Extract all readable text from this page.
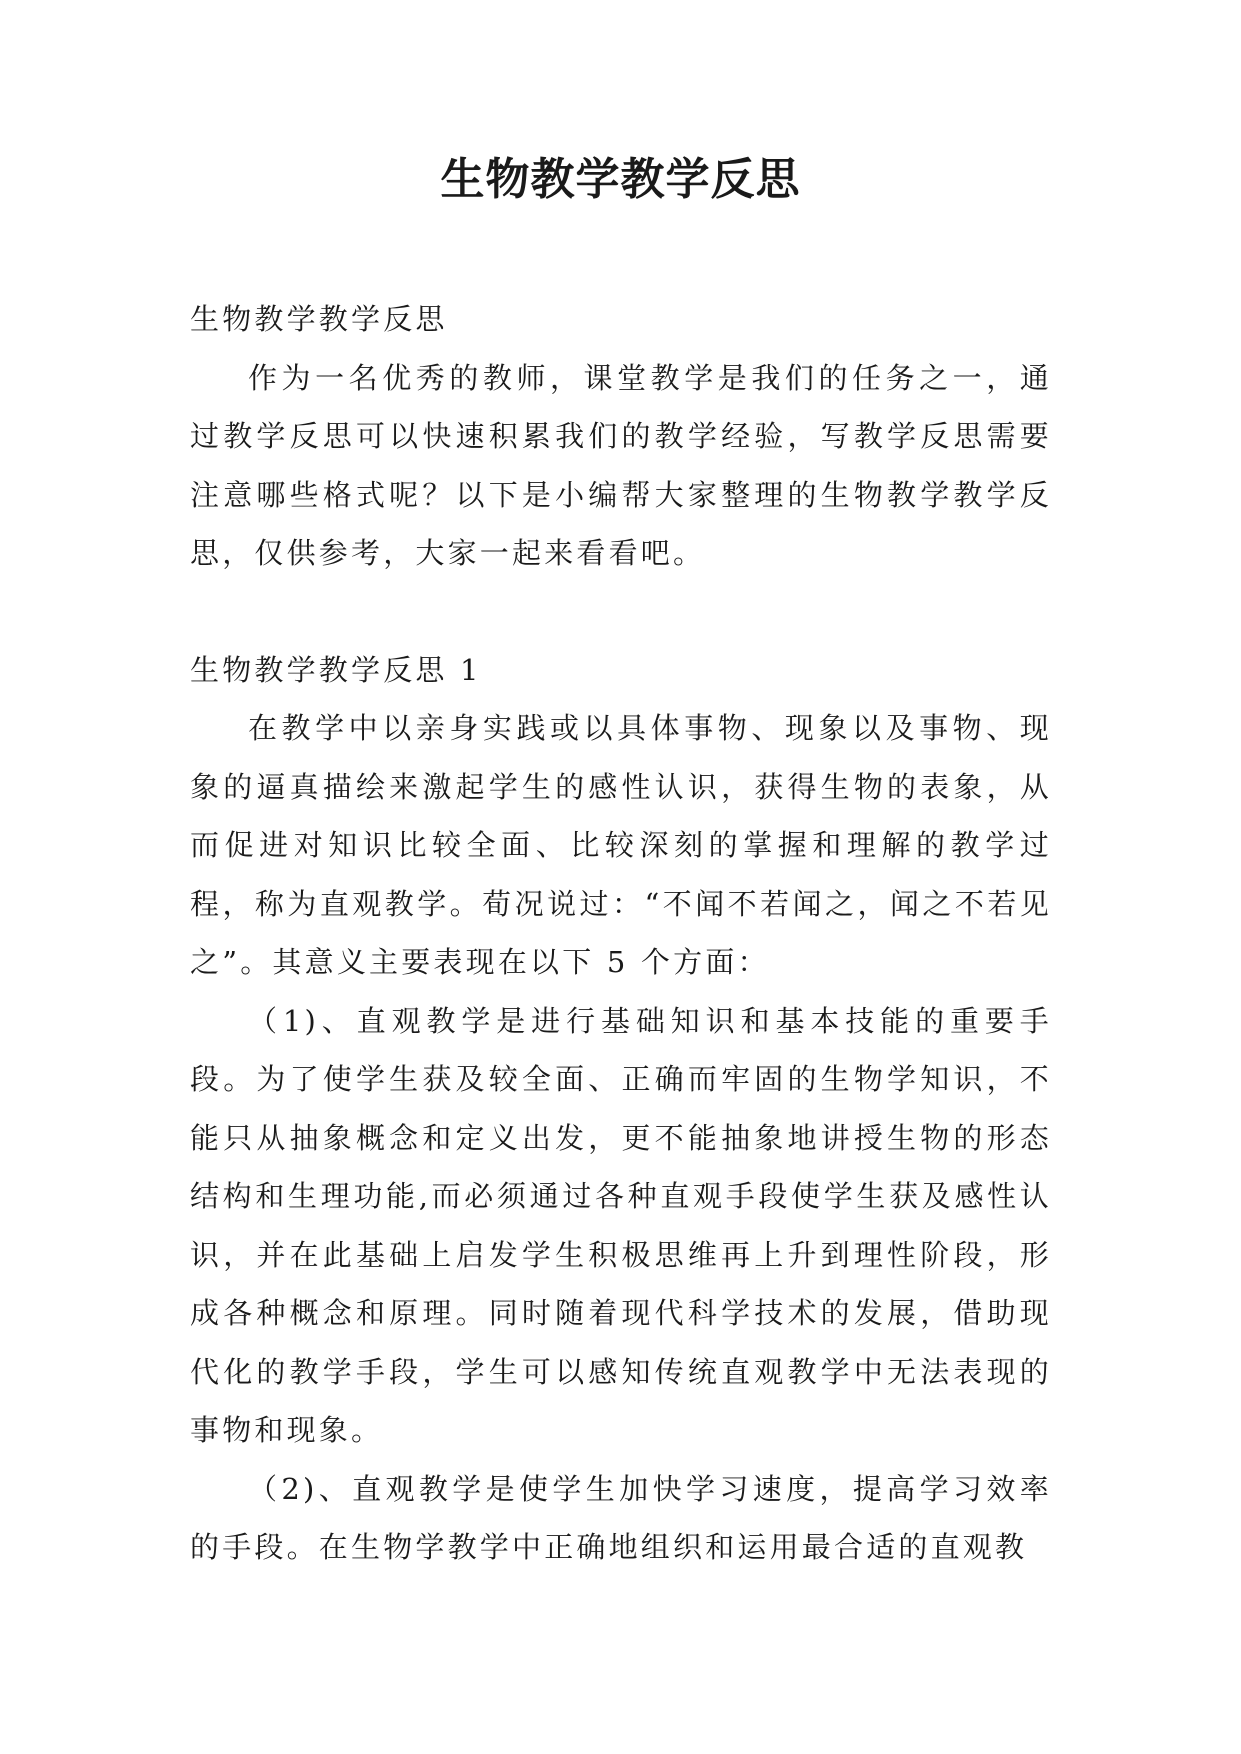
生物教学教学反思

生物教学教学反思

作为一名优秀的教师，课堂教学是我们的任务之一，通过教学反思可以快速积累我们的教学经验，写教学反思需要注意哪些格式呢？以下是小编帮大家整理的生物教学教学反思，仅供参考，大家一起来看看吧。

生物教学教学反思 1

在教学中以亲身实践或以具体事物、现象以及事物、现象的逼真描绘来激起学生的感性认识，获得生物的表象，从而促进对知识比较全面、比较深刻的掌握和理解的教学过程，称为直观教学。荀况说过：“不闻不若闻之，闻之不若见之”。其意义主要表现在以下 5 个方面：

（1)、直观教学是进行基础知识和基本技能的重要手段。为了使学生获及较全面、正确而牢固的生物学知识，不能只从抽象概念和定义出发，更不能抽象地讲授生物的形态结构和生理功能,而必须通过各种直观手段使学生获及感性认识，并在此基础上启发学生积极思维再上升到理性阶段，形成各种概念和原理。同时随着现代科学技术的发展，借助现代化的教学手段，学生可以感知传统直观教学中无法表现的事物和现象。

（2)、直观教学是使学生加快学习速度，提高学习效率的手段。在生物学教学中正确地组织和运用最合适的直观教
